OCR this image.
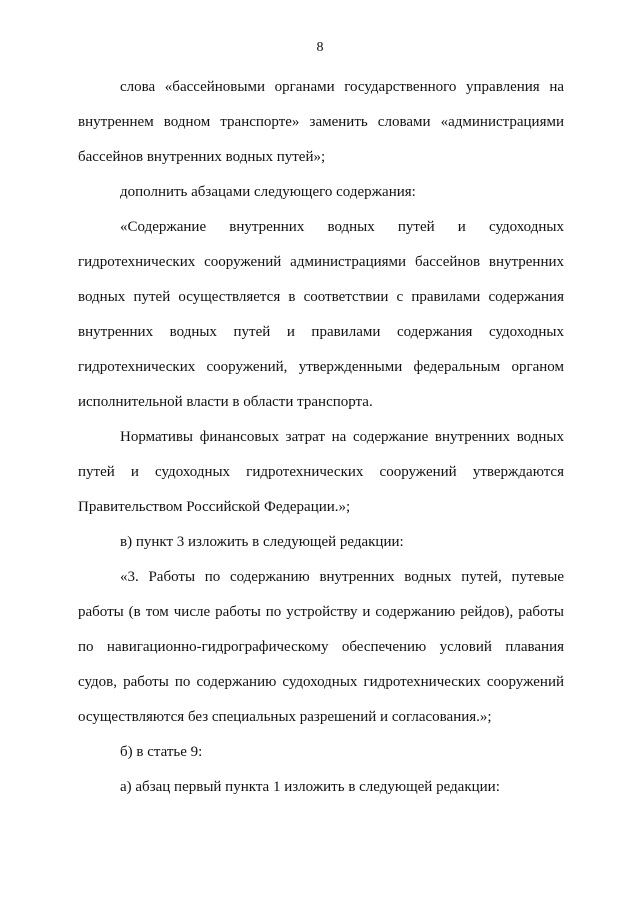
8
слова «бассейновыми органами государственного управления на
внутреннем водном транспорте» заменить словами «администрациями
бассейнов внутренних водных путей»;
дополнить абзацами следующего содержания:
«Содержание внутренних водных путей и судоходных
гидротехнических сооружений администрациями бассейнов внутренних
водных путей осуществляется в соответствии с правилами содержания
внутренних водных путей и правилами содержания судоходных
гидротехнических сооружений, утвержденными федеральным органом
исполнительной власти в области транспорта.
Нормативы финансовых затрат на содержание внутренних водных
путей и судоходных гидротехнических сооружений утверждаются
Правительством Российской Федерации.»;
в) пункт 3 изложить в следующей редакции:
«3. Работы по содержанию внутренних водных путей, путевые
работы (в том числе работы по устройству и содержанию рейдов), работы
по навигационно-гидрографическому обеспечению условий плавания
судов, работы по содержанию судоходных гидротехнических сооружений
осуществляются без специальных разрешений и согласования.»;
б) в статье 9:
а) абзац первый пункта 1 изложить в следующей редакции:
